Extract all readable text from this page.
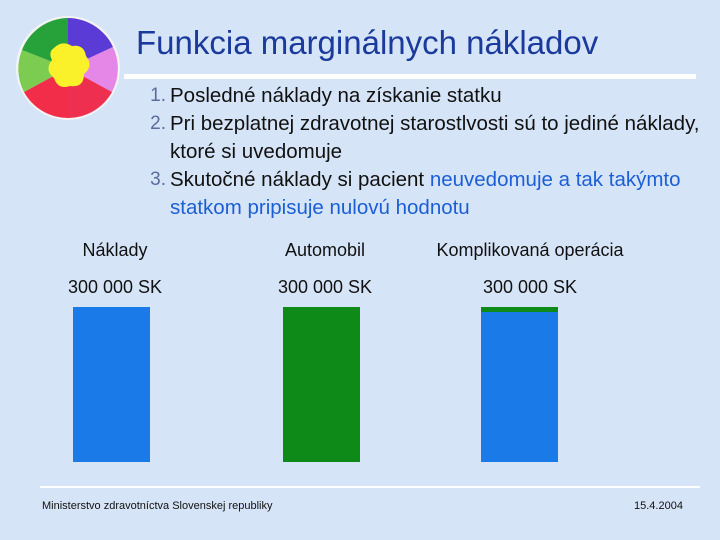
Funkcia marginálnych nákladov
1. Posledné náklady na získanie statku
2. Pri bezplatnej zdravotnej starostlvosti sú to jediné náklady, ktoré si uvedomuje
3. Skutočné náklady si pacient neuvedomuje a tak takýmto statkom pripisuje nulovú hodnotu
Náklady	Automobil	Komplikovaná operácia
300 000 SK	300 000 SK	300 000 SK
Ministerstvo zdravotníctva Slovenskej republiky	15.4.2004
